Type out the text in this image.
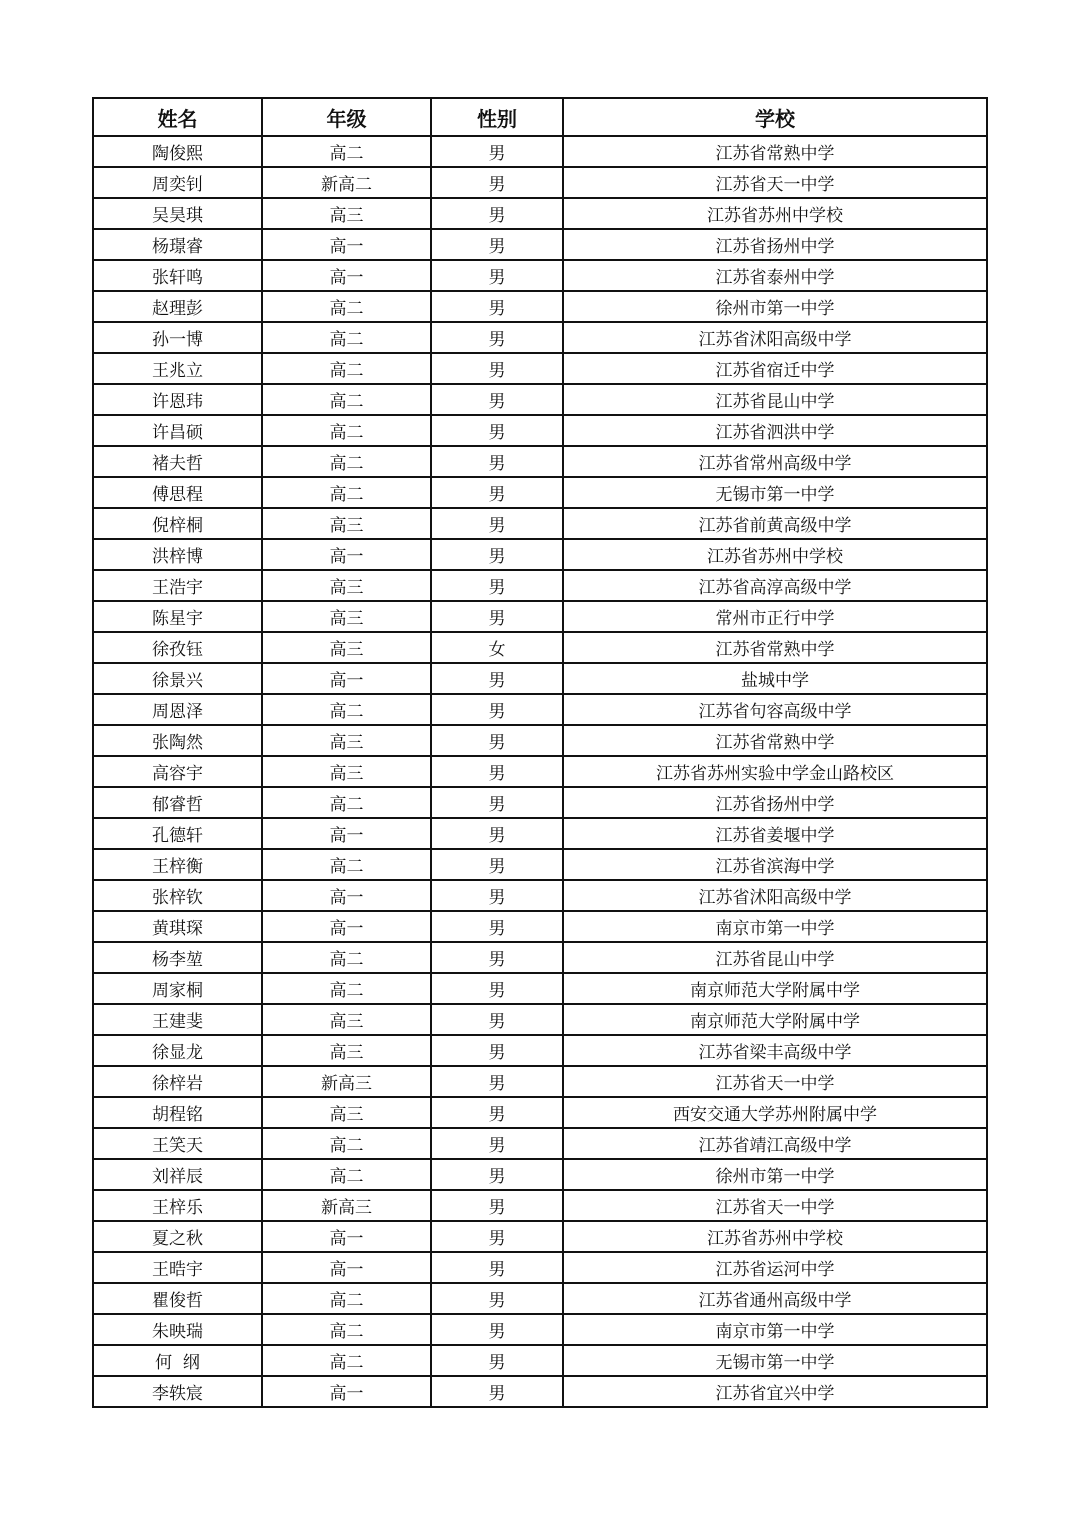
姓名	年级	性别	学校
陶俊熙	高二	男	江苏省常熟中学
周奕钊	新高二	男	江苏省天一中学
吴昊琪	高三	男	江苏省苏州中学校
杨璟睿	高一	男	江苏省扬州中学
张轩鸣	高一	男	江苏省泰州中学
赵理彭	高二	男	徐州市第一中学
孙一博	高二	男	江苏省沭阳高级中学
王兆立	高二	男	江苏省宿迁中学
许恩玮	高二	男	江苏省昆山中学
许昌硕	高二	男	江苏省泗洪中学
褚夫哲	高二	男	江苏省常州高级中学
傅思程	高二	男	无锡市第一中学
倪梓桐	高三	男	江苏省前黄高级中学
洪梓博	高一	男	江苏省苏州中学校
王浩宇	高三	男	江苏省高淳高级中学
陈星宇	高三	男	常州市正行中学
徐孜钰	高三	女	江苏省常熟中学
徐景兴	高一	男	盐城中学
周恩泽	高二	男	江苏省句容高级中学
张陶然	高三	男	江苏省常熟中学
高容宇	高三	男	江苏省苏州实验中学金山路校区
郁睿哲	高二	男	江苏省扬州中学
孔德轩	高一	男	江苏省姜堰中学
王梓衡	高二	男	江苏省滨海中学
张梓钦	高一	男	江苏省沭阳高级中学
黄琪琛	高一	男	南京市第一中学
杨李堃	高二	男	江苏省昆山中学
周家桐	高二	男	南京师范大学附属中学
王建斐	高三	男	南京师范大学附属中学
徐显龙	高三	男	江苏省梁丰高级中学
徐梓岩	新高三	男	江苏省天一中学
胡程铭	高三	男	西安交通大学苏州附属中学
王笑天	高二	男	江苏省靖江高级中学
刘祥辰	高二	男	徐州市第一中学
王梓乐	新高三	男	江苏省天一中学
夏之秋	高一	男	江苏省苏州中学校
王晧宇	高一	男	江苏省运河中学
瞿俊哲	高二	男	江苏省通州高级中学
朱映瑞	高二	男	南京市第一中学
何  纲	高二	男	无锡市第一中学
李轶宸	高一	男	江苏省宜兴中学
